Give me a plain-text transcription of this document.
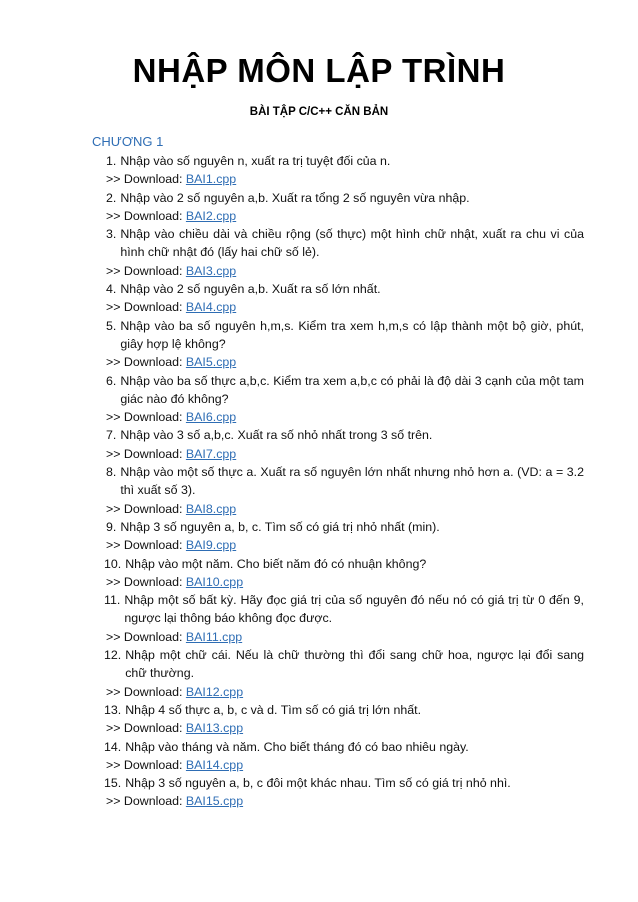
NHẬP MÔN LẬP TRÌNH
BÀI TẬP C/C++ CĂN BẢN
CHƯƠNG 1
1. Nhập vào số nguyên n, xuất ra trị tuyệt đối của n.
>> Download: BAI1.cpp
2. Nhập vào 2 số nguyên a,b. Xuất ra tổng 2 số nguyên vừa nhập.
>> Download: BAI2.cpp
3. Nhập vào chiều dài và chiều rộng (số thực) một hình chữ nhật, xuất ra chu vi của hình chữ nhật đó (lấy hai chữ số lẻ).
>> Download: BAI3.cpp
4. Nhập vào 2 số nguyên a,b. Xuất ra số lớn nhất.
>> Download: BAI4.cpp
5. Nhập vào ba số nguyên h,m,s. Kiểm tra xem h,m,s có lập thành một bộ giờ, phút, giây hợp lệ không?
>> Download: BAI5.cpp
6. Nhập vào ba số thực a,b,c. Kiểm tra xem a,b,c có phải là độ dài 3 cạnh của một tam giác nào đó không?
>> Download: BAI6.cpp
7. Nhập vào 3 số a,b,c. Xuất ra số nhỏ nhất trong 3 số trên.
>> Download: BAI7.cpp
8. Nhập vào một số thực a. Xuất ra số nguyên lớn nhất nhưng nhỏ hơn a. (VD: a = 3.2 thì xuất số 3).
>> Download: BAI8.cpp
9. Nhập 3 số nguyên a, b, c. Tìm số có giá trị nhỏ nhất (min).
>> Download: BAI9.cpp
10. Nhập vào một năm. Cho biết năm đó có nhuận không?
>> Download: BAI10.cpp
11. Nhập một số bất kỳ. Hãy đọc giá trị của số nguyên đó nếu nó có giá trị từ 0 đến 9, ngược lại thông báo không đọc được.
>> Download: BAI11.cpp
12. Nhập một chữ cái. Nếu là chữ thường thì đổi sang chữ hoa, ngược lại đổi sang chữ thường.
>> Download: BAI12.cpp
13. Nhập 4 số thực a, b, c và d. Tìm số có giá trị lớn nhất.
>> Download: BAI13.cpp
14. Nhập vào tháng và năm. Cho biết tháng đó có bao nhiêu ngày.
>> Download: BAI14.cpp
15. Nhập 3 số nguyên a, b, c đôi một khác nhau. Tìm số có giá trị nhỏ nhì.
>> Download: BAI15.cpp
